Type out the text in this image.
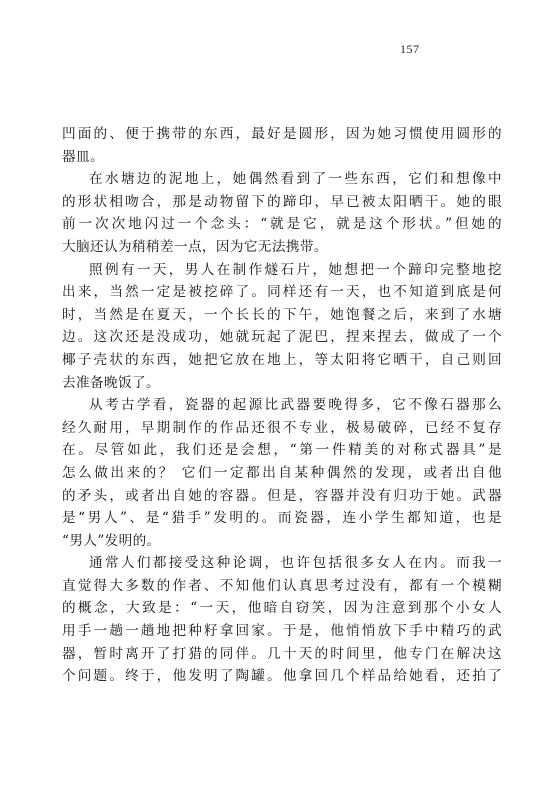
157
凹面的、便于携带的东西，最好是圆形，因为她习惯使用圆形的
器皿。
在水塘边的泥地上，她偶然看到了一些东西，它们和想像中
的形状相吻合，那是动物留下的蹄印，早已被太阳晒干。她的眼
前一次次地闪过一个念头：“就是它，就是这个形状。”但她的
大脑还认为稍稍差一点，因为它无法携带。
照例有一天，男人在制作燧石片，她想把一个蹄印完整地挖
出来，当然一定是被挖碎了。同样还有一天，也不知道到底是何
时，当然是在夏天，一个长长的下午，她饱餐之后，来到了水塘
边。这次还是没成功，她就玩起了泥巴，捏来捏去，做成了一个
椰子壳状的东西，她把它放在地上，等太阳将它晒干，自己则回
去准备晚饭了。
从考古学看，瓷器的起源比武器要晚得多，它不像石器那么
经久耐用，早期制作的作品还很不专业，极易破碎，已经不复存
在。尽管如此，我们还是会想，“第一件精美的对称式器具”是
怎么做出来的？ 它们一定都出自某种偶然的发现，或者出自他
的矛头，或者出自她的容器。但是，容器并没有归功于她。武器
是“男人”、是“猎手”发明的。而瓷器，连小学生都知道，也是
“男人”发明的。
通常人们都接受这种论调，也许包括很多女人在内。而我一
直觉得大多数的作者、不知他们认真思考过没有，都有一个模糊
的概念，大致是：“一天，他暗自窃笑，因为注意到那个小女人
用手一趟一趟地把种籽拿回家。于是，他悄悄放下手中精巧的武
器，暂时离开了打猎的同伴。几十天的时间里，他专门在解决这
个问题。终于，他发明了陶罐。他拿回几个样品给她看，还拍了
